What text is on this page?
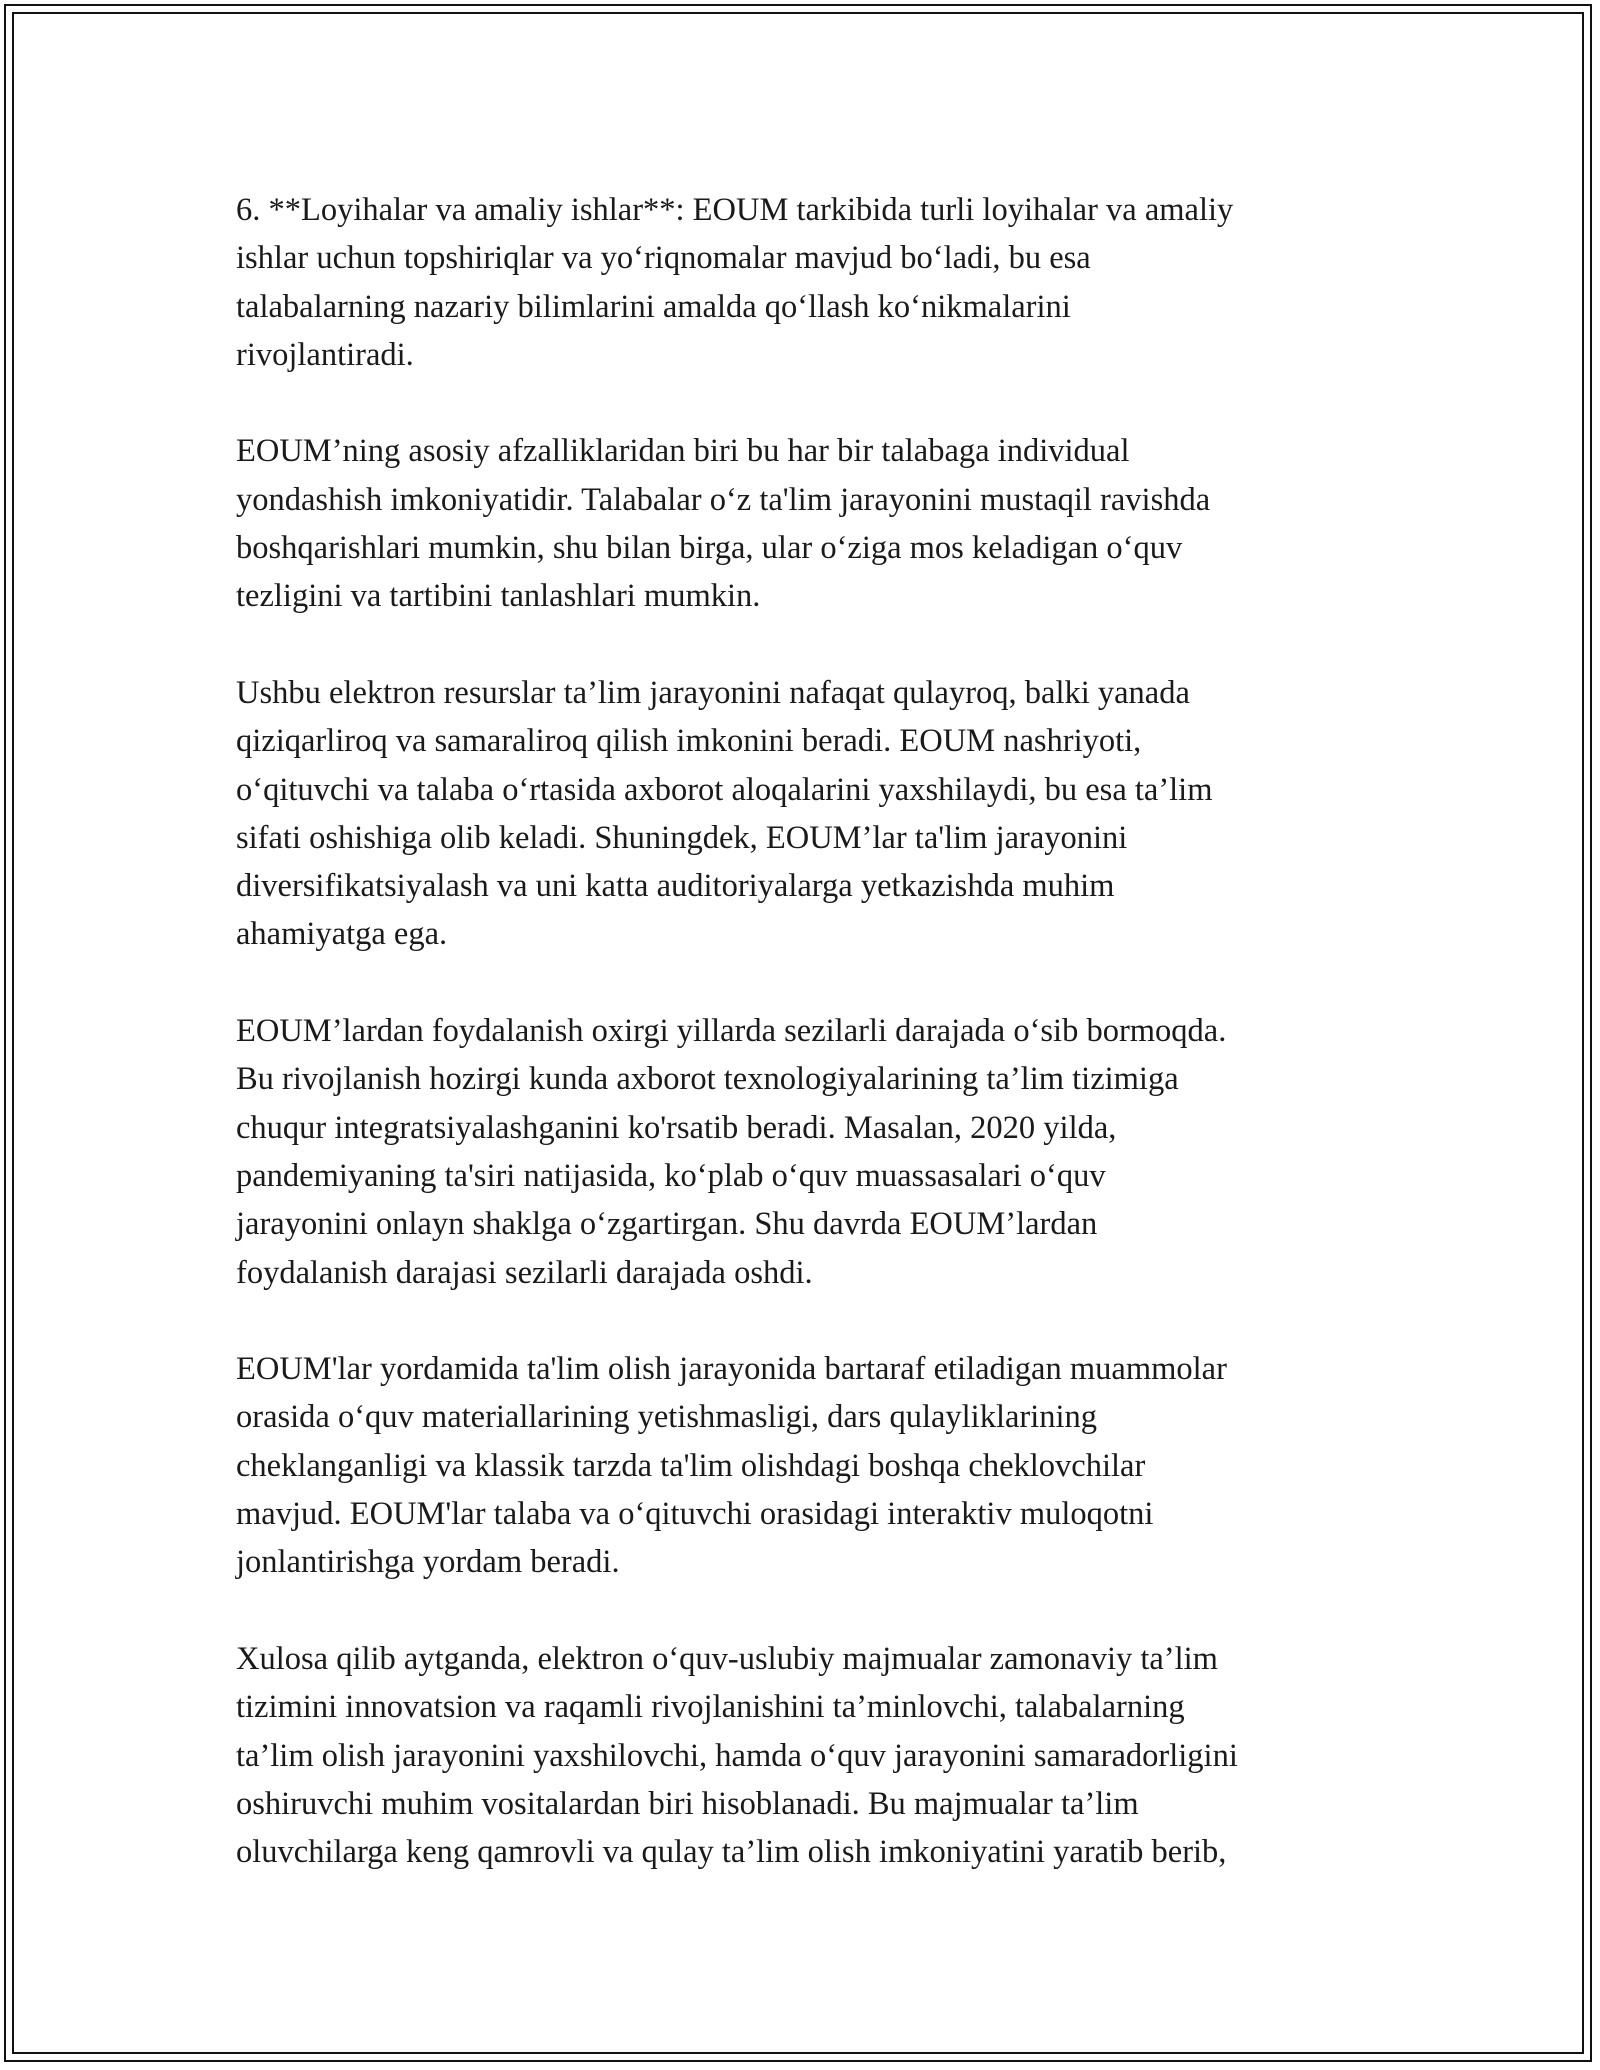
6. **Loyihalar va amaliy ishlar**: EOUM tarkibida turli loyihalar va amaliy
ishlar uchun topshiriqlar va yo‘riqnomalar mavjud bo‘ladi, bu esa
talabalarning nazariy bilimlarini amalda qo‘llash ko‘nikmalarini
rivojlantiradi.

EOUM’ning asosiy afzalliklaridan biri bu har bir talabaga individual
yondashish imkoniyatidir. Talabalar o‘z ta'lim jarayonini mustaqil ravishda
boshqarishlari mumkin, shu bilan birga, ular o‘ziga mos keladigan o‘quv
tezligini va tartibini tanlashlari mumkin.

Ushbu elektron resurslar ta’lim jarayonini nafaqat qulayroq, balki yanada
qiziqarliroq va samaraliroq qilish imkonini beradi. EOUM nashriyoti,
o‘qituvchi va talaba o‘rtasida axborot aloqalarini yaxshilaydi, bu esa ta’lim
sifati oshishiga olib keladi. Shuningdek, EOUM’lar ta'lim jarayonini
diversifikatsiyalash va uni katta auditoriyalarga yetkazishda muhim
ahamiyatga ega.

EOUM’lardan foydalanish oxirgi yillarda sezilarli darajada o‘sib bormoqda.
Bu rivojlanish hozirgi kunda axborot texnologiyalarining ta’lim tizimiga
chuqur integratsiyalashganini ko'rsatib beradi. Masalan, 2020 yilda,
pandemiyaning ta'siri natijasida, ko‘plab o‘quv muassasalari o‘quv
jarayonini onlayn shaklga o‘zgartirgan. Shu davrda EOUM’lardan
foydalanish darajasi sezilarli darajada oshdi.

EOUM'lar yordamida ta'lim olish jarayonida bartaraf etiladigan muammolar
orasida o‘quv materiallarining yetishmasligi, dars qulayliklarining
cheklanganligi va klassik tarzda ta'lim olishdagi boshqa cheklovchilar
mavjud. EOUM'lar talaba va o‘qituvchi orasidagi interaktiv muloqotni
jonlantirishga yordam beradi.

Xulosa qilib aytganda, elektron o‘quv-uslubiy majmualar zamonaviy ta’lim
tizimini innovatsion va raqamli rivojlanishini ta’minlovchi, talabalarning
ta’lim olish jarayonini yaxshilovchi, hamda o‘quv jarayonini samaradorligini
oshiruvchi muhim vositalardan biri hisoblanadi. Bu majmualar ta’lim
oluvchilarga keng qamrovli va qulay ta’lim olish imkoniyatini yaratib berib,
